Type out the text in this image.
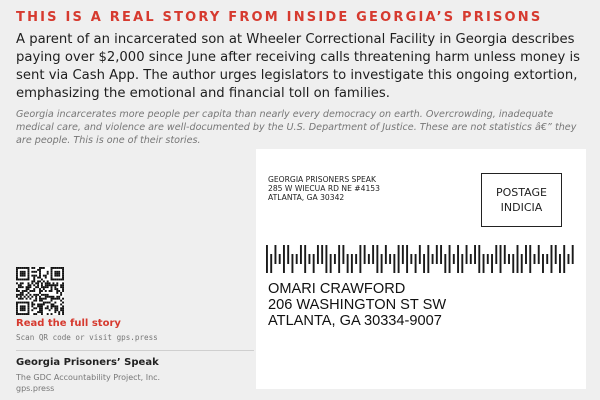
THIS IS A REAL STORY FROM INSIDE GEORGIA’S PRISONS
A parent of an incarcerated son at Wheeler Correctional Facility in Georgia describes paying over $2,000 since June after receiving calls threatening harm unless money is sent via Cash App. The author urges legislators to investigate this ongoing extortion, emphasizing the emotional and financial toll on families.
Georgia incarcerates more people per capita than nearly every democracy on earth. Overcrowding, inadequate medical care, and violence are well-documented by the U.S. Department of Justice. These are not statistics â€” they are people. This is one of their stories.
GEORGIA PRISONERS SPEAK
285 W WIECUA RD NE #4153
ATLANTA, GA 30342	POSTAGE
INDICIA
OMARI CRAWFORD
206 WASHINGTON ST SW
ATLANTA, GA 30334-9007
Read the full story
Scan QR code or visit gps.press
Georgia Prisoners’ Speak
The GDC Accountability Project, Inc.
gps.press
